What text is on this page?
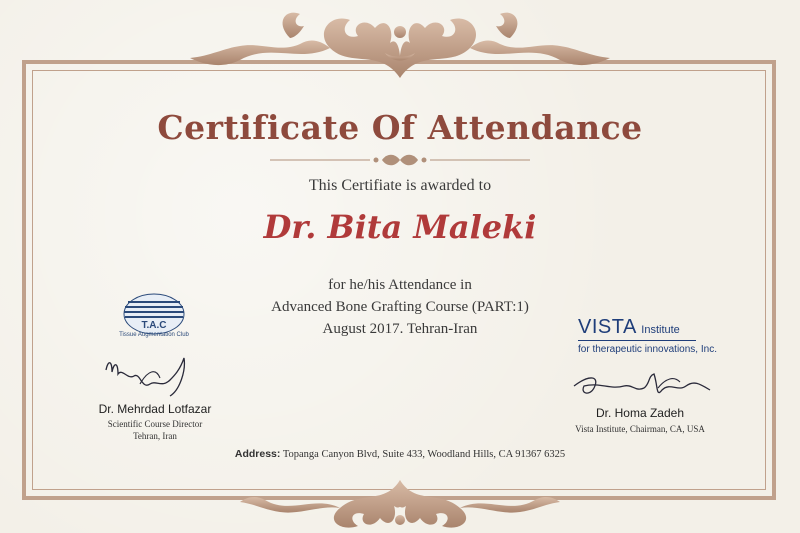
Certificate Of Attendance
This Certifiate is awarded to
Dr. Bita Maleki
for he/his Attendance in
Advanced Bone Grafting Course (PART:1)
August 2017. Tehran-Iran
T.A.C
Tissue Augmentation Club
Dr. Mehrdad Lotfazar
Scientific Course Director
Tehran, Iran
VISTA Institute
for therapeutic innovations, Inc.
Dr. Homa Zadeh
Vista Institute, Chairman, CA, USA
Address: Topanga Canyon Blvd, Suite 433, Woodland Hills, CA 91367 6325
